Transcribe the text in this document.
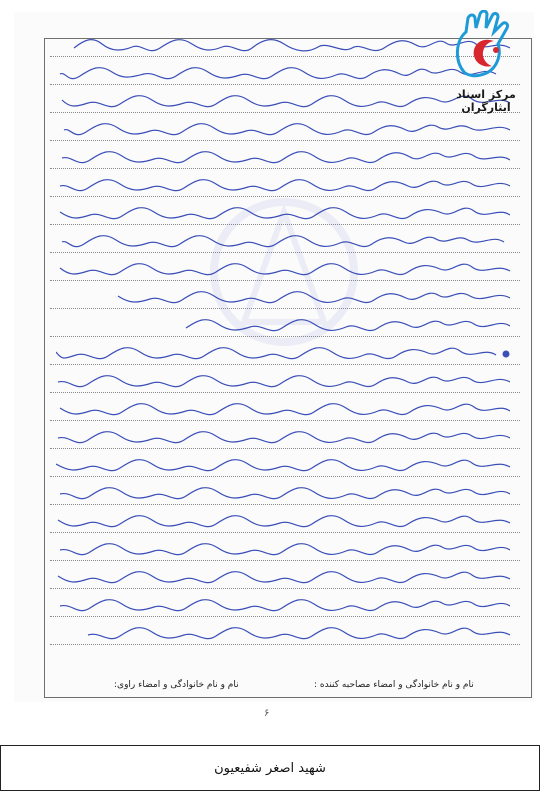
نام و نام خانوادگی و امضاء مصاحبه کننده :
نام و نام خانوادگی و امضاء راوی:
مرکز اسناد ایثارگران
۶
شهید اصغر شفیعیون
